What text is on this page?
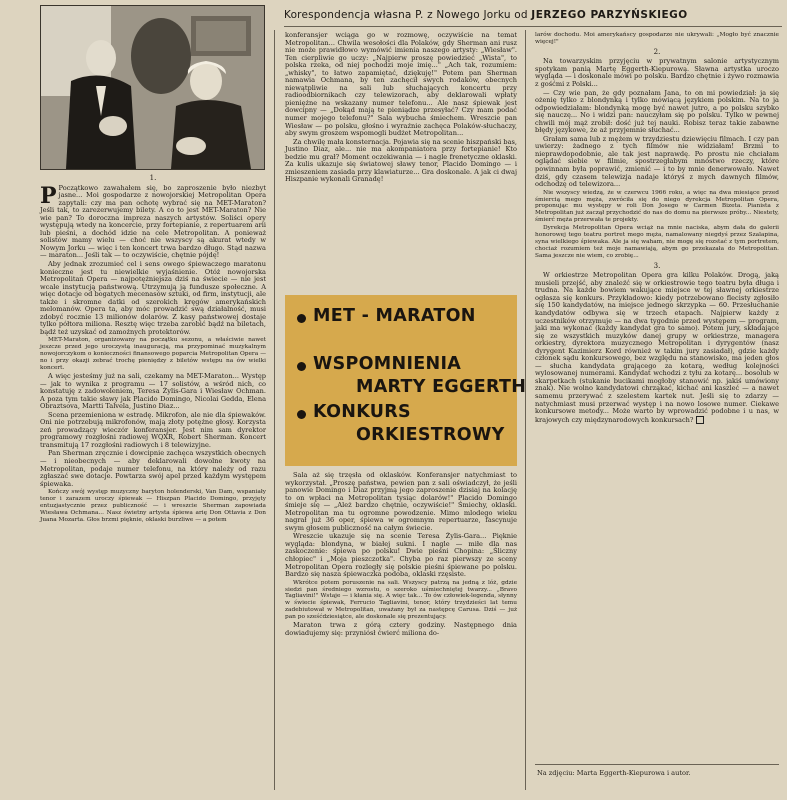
Korespondencja własna P. z Nowego Jorku od JERZEGO PARZYŃSKIEGO
1.

P Początkowo zawahałem się, bo zaproszenie było niezbyt jasne... Moi gospodarze z nowojorskiej Metropolitan Opera zapytali: czy ma pan ochotę wybrać się na MET-Maraton? Jeśli tak, to zarezerwujemy bilety. A co to jest MET-Maraton? Nie wie pan? To doroczna impreza naszych artystów. Soliści opery występują wtedy na koncercie, przy fortepianie, z repertuarem arii lub pieśni, a dochód idzie na cele Metropolitan. A ponieważ solistów mamy wielu — choć nie wszyscy są akurat wtedy w Nowym Jorku — więc i ten koncert trwa bardzo długo. Stąd nazwa — maraton... Jeśli tak — to oczywiście, chętnie pójdę!

Aby jednak zrozumieć cel i sens owego śpiewaczego maratonu konieczne jest tu niewielkie wyjaśnienie. Otóż nowojorska Metropolitan Opera — najpotężniejsza dziś na świecie — nie jest wcale instytucją państwową. Utrzymują ją fundusze społeczne. A więc dotacje od bogatych mecenasów sztuki, od firm, instytucji, ale także i skromne datki od szerokich kręgów amerykańskich melomanów. Opera ta, aby móc prowadzić swą działalność, musi zdobyć rocznie 13 milionów dolarów. Z kasy państwowej dostaje tylko półtora miliona. Resztę więc trzeba zarobić bądź na biletach, bądź też uzyskać od zamożnych protektorów.

MET-Maraton, organizowany na początku sezonu, a właściwie nawet jeszcze przed jego uroczystą inauguracją, ma przypominać muzykalnym nowojorczykom o konieczności finansowego poparcia Metropolitan Opera — no i przy okazji zebrać trochę pieniędzy z biletów wstępu na ów wielki koncert.

A więc jesteśmy już na sali, czekamy na MET-Maraton... Występ — jak to wynika z programu — 17 solistów, a wśród nich, co konstatuję z zadowoleniem, Teresa Żylis-Gara i Wiesław Ochman. A poza tym takie sławy jak Placido Domingo, Nicolai Gedda, Elena Obraztsova, Martti Talvela, Justino Diaz...

Scena przemieniona w estradę. Mikrofon, ale nie dla śpiewaków. Oni nie potrzebują mikrofonów, mają złoty potężne głosy. Korzysta zeń prowadzący wieczór konferansjer. Jest nim sam dyrektor programowy rozgłośni radiowej WQXR, Robert Sherman. Koncert transmitują 17 rozgłośni radiowych i 8 telewizyjne.

Pan Sherman zręcznie i dowcipnie zachęca wszystkich obecnych — i nieobecnych — aby deklarowali dowolne kwoty na Metropolitan, podaje numer telefonu, na który należy od razu zgłaszać swe dotacje. Powtarza swój apel przed każdym występem śpiewaka.

Kończy swój występ muzyczny baryton holenderski, Van Dam, wspaniały tenor i zarazem uroczy śpiewak — Hiszpan Placido Domingo, przyjęty entuzjastycznie przez publiczność — i wreszcie Sherman zapowiada Wiesława Ochmana... Nasz świetny artysta śpiewa arię Don Ottavia z Don Juana Mozarta. Głos brzmi pięknie, oklaski burzliwe — a potem

konferansjer wciąga go w rozmowę, oczywiście na temat Metropolitan... Chwila wesołości dla Polaków, gdy Sherman ani rusz nie może prawidłowo wymówić imienia naszego artysty: „Wiesław". Ten cierpliwie go uczy: „Najpierw proszę powiedzieć „Wista", to polska rzeka, od niej pochodzi moje imię..." „Ach tak, rozumiem: „whisky", to łatwo zapamiętać, dziękuję!" Potem pan Sherman namawia Ochmana, by ten zachęcił swych rodaków, obecnych niewątpliwie na sali lub słuchających koncertu przy radioodbiornikach czy telewizorach, aby deklarowali wpłaty pieniężne na wskazany numer telefonu... Ale nasz śpiewak jest dowcipny — „Dokąd mają te pieniądze przesyłać? Czy mam podać numer mojego telefonu?" Sala wybucha śmiechem. Wreszcie pan Wiesław — po polsku, głośno i wyraźnie zachęca Polaków-słuchaczy, aby swym groszem wspomogli budżet Metropolitan...

Za chwilę mała konsternacja. Pojawia się na scenie hiszpański bas, Justino Diaz, ale... nie ma akompaniatora przy fortepianie! Kto bedzie mu grał? Moment oczekiwania — i nagle frenetyczne oklaski. Za kulis ukazuje się światowej sławy tenor, Placido Domingo — i zmieszeniem zasiada przy klawiaturze... Gra doskonale. A jak ci dwaj Hiszpanie wykonali Granadę!

MET - MARATON
WSPOMNIENIA
MARTY EGGERTH
KONKURS
ORKIESTROWY

Sala aż się trzęsła od oklasków. Konferansjer natychmiast to wykorzystał. „Proszę państwa, pewien pan z sali oświadczył, że jeśli panowie Domingo i Diaz przyjmą jego zaproszenie dzisiaj na kolację to on wpłaci na Metropolitan tysiąc dolarów!" Placido Domingo śmieje się — „Ależ bardzo chętnie, oczywiście!" Śmiechy, oklaski. Metropolitan ma tu ogromne powodzenie. Mimo mlodego wieku nagrał już 36 oper, śpiewa w ogromnym repertuarze, fascynuje swym głosem publiczność na całym świecie.

Wreszcie ukazuje się na scenie Teresa Żylis-Gara... Pięknie wygląda: blondyna, w białej sukni. I nagle — miłe dla nas zaskoczenie: śpiewa po polsku! Dwie pieśni Chopina: „Śliczny chłopiec" i „Moja pieszczotka". Chyba po raz pierwszy ze sceny Metropolitan Opera rozległy się polskie pieśni śpiewane po polsku. Bardzo się nasza śpiewaczka podoba, oklaski rzęsiste.

Wkrótce potem poruszenie na sali. Wszyscy patrzą na jedną z lóż, gdzie siedzi pan średniego wzrostu, o szeroko uśmiechniętej twarzy... „Bravo Tagliavini!" Wstaje — i kłania się. A więc tak... To ów człowiek-legenda, słynny w świecie śpiewak, Ferrucio Tagliavini, tenor, który trzydzieści lat temu zadebiutował w Metropolitan, uważany był za następcę Carusa. Dziś — już pan po sześćdziesiątce, ale doskonale się prezentujący.

Maraton trwa z górą cztery godziny. Następnego dnia dowiadujemy się: przyniósł ćwierć miliona do-

larów dochodu. Moi amerykańscy gospodarze nie ukrywali: „Mogło być znacznie więcej!"

2.

Na towarzyskim przyjęciu w prywatnym salonie artystycznym spotykam panią Martę Eggerth-Kiepurową. Sławna artystka uroczo wygląda — i doskonale mówi po polsku. Bardzo chętnie i żywo rozmawia z gośćmi z Polski...

— Czy wie pan, że gdy poznałam Jana, to on mi powiedział: ja się ożenię tylko z blondynką i tylko mówiącą językiem polskim. Na to ja odpowiedziałam: blondynką mogę być nawet jutro, a po polsku szybko się nauczę... No i widzi pan: nauczyłam się po polsku. Tylko w pewnej chwili mój mąż zrobił: dość już tej nauki. Robisz teraz takie zabawne błędy językowe, że aż przyjemnie słuchać...

Grałam sama lub z mężem w trzydziestu dziewięciu filmach. I czy pan uwierzy: żadnego z tych filmów nie widziałam! Brzmi to nieprawdopodobnie, ale tak jest naprawdę. Po prostu nie chciałam oglądać siebie w filmie, spostrzegłabym mnóstwo rzeczy, które powinnam była poprawić, zmienić — i to by mnie denerwowało. Nawet dziś, gdy czasem telewizja nadaje któryś z mych dawnych filmów, odchodzę od telewizora...

Nie wszyscy wiedzą, że w czerwcu 1966 roku, a więc na dwa miesiące przed śmiercią mego męża, zwróciła się do niego dyrekcja Metropolitan Opera, proponując mu występy w roli Don Josego w Carmen Bizeta. Pianista z Metropolitan już zaczął przychodzić do nas do domu na pierwsze próby... Niestety, śmierć męża przerwała te projekty.

Dyrekcja Metropolitan Opera wciąż na mnie naciska, abym dała do galerii honorowej tego teatru portret mego męża, namalowany niegdyś przez Szalapina, syna wielkiego śpiewaka. Ale ja się waham, nie mogę się rozstać z tym portretem, chociaż rozumiem też moje namawiają, abym go przekazała do Metropolitan. Sama jeszcze nie wiem, co zrobię...

3.

W orkiestrze Metropolitan Opera gra kilku Polaków. Drogą, jaką musieli przejść, aby znaleźć się w orkiestrowie tego teatru była długa i trudna. Na każde bowiem wakujące miejsce w tej sławnej orkiestrze ogłasza się konkurs. Przykładowo: kiedy potrzebowano flecisty zgłosiło się 150 kandydatów, na miejsce jednego skrzypka — 60. Przesłuchanie kandydatów odbywa się w trzech etapach. Najpierw każdy z uczestników otrzymuje — na dwa tygodnie przed występem — program, jaki ma wykonać (każdy kandydat gra to samo). Potem jury, składające się ze wszystkich muzyków danej grupy w orkiestrze, managera orkiestry, dyrektora muzycznego Metropolitan i dyrygentów (nasz dyrygent Kazimierz Kord również w takim jury zasiadał), gdzie każdy członek sądu konkursowego, bez względu na stanowisko, ma jeden głos — słucha kandydata grającego za kotarą, według kolejności wylosowanej numerami. Kandydat wchodzi z tyłu za kotarę... bosolub w skarpetkach (stukanie bucikami mogłoby stanowić np. jakiś umówiony znak). Nie wolno kandydatowi chrząkać, kichać ani kaszleć — a nawet samemu przerywać z szelestem kartek nut. Jeśli się to zdarzy — natychmiast musi przerwać występ i na nowo losowe numer. Ciekawe konkursowe metody... Może warto by wprowadzić podobne i u nas, w krajowych czy międzynarodowych konkursach?

Na zdjęciu: Marta Eggerth-Kiepurowa i autor.
